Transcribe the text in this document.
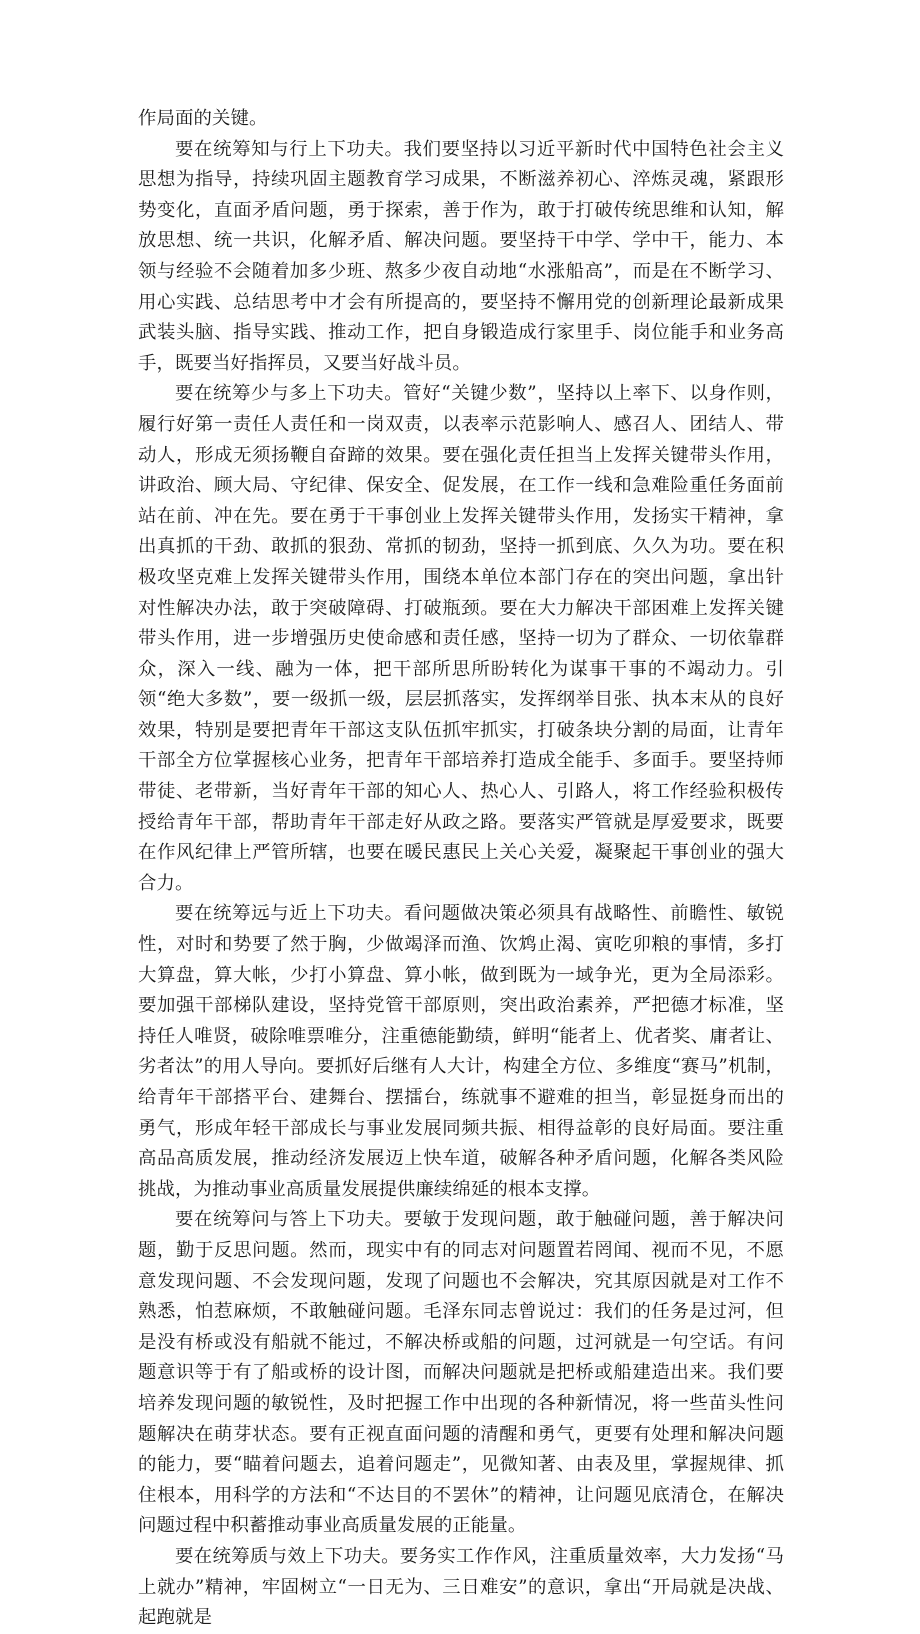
作局面的关键。

要在统筹知与行上下功夫。我们要坚持以习近平新时代中国特色社会主义思想为指导，持续巩固主题教育学习成果，不断滋养初心、淬炼灵魂，紧跟形势变化，直面矛盾问题，勇于探索，善于作为，敢于打破传统思维和认知，解放思想、统一共识，化解矛盾、解决问题。要坚持干中学、学中干，能力、本领与经验不会随着加多少班、熬多少夜自动地“水涨船高”，而是在不断学习、用心实践、总结思考中才会有所提高的，要坚持不懈用党的创新理论最新成果武装头脑、指导实践、推动工作，把自身锻造成行家里手、岗位能手和业务高手，既要当好指挥员，又要当好战斗员。

要在统筹少与多上下功夫。管好“关键少数”，坚持以上率下、以身作则，履行好第一责任人责任和一岗双责，以表率示范影响人、感召人、团结人、带动人，形成无须扬鞭自奋蹄的效果。要在强化责任担当上发挥关键带头作用，讲政治、顾大局、守纪律、保安全、促发展，在工作一线和急难险重任务面前站在前、冲在先。要在勇于干事创业上发挥关键带头作用，发扬实干精神，拿出真抓的干劲、敢抓的狠劲、常抓的韧劲，坚持一抓到底、久久为功。要在积极攻坚克难上发挥关键带头作用，围绕本单位本部门存在的突出问题，拿出针对性解决办法，敢于突破障碍、打破瓶颈。要在大力解决干部困难上发挥关键带头作用，进一步增强历史使命感和责任感，坚持一切为了群众、一切依靠群众，深入一线、融为一体，把干部所思所盼转化为谋事干事的不竭动力。引领“绝大多数”，要一级抓一级，层层抓落实，发挥纲举目张、执本末从的良好效果，特别是要把青年干部这支队伍抓牢抓实，打破条块分割的局面，让青年干部全方位掌握核心业务，把青年干部培养打造成全能手、多面手。要坚持师带徒、老带新，当好青年干部的知心人、热心人、引路人，将工作经验积极传授给青年干部，帮助青年干部走好从政之路。要落实严管就是厚爱要求，既要在作风纪律上严管所辖，也要在暖民惠民上关心关爱，凝聚起干事创业的强大合力。

要在统筹远与近上下功夫。看问题做决策必须具有战略性、前瞻性、敏锐性，对时和势要了然于胸，少做竭泽而渔、饮鸩止渴、寅吃卯粮的事情，多打大算盘，算大帐，少打小算盘、算小帐，做到既为一域争光，更为全局添彩。要加强干部梯队建设，坚持党管干部原则，突出政治素养，严把德才标准，坚持任人唯贤，破除唯票唯分，注重德能勤绩，鲜明“能者上、优者奖、庸者让、劣者汰”的用人导向。要抓好后继有人大计，构建全方位、多维度“赛马”机制，给青年干部搭平台、建舞台、摆擂台，练就事不避难的担当，彰显挺身而出的勇气，形成年轻干部成长与事业发展同频共振、相得益彰的良好局面。要注重高品高质发展，推动经济发展迈上快车道，破解各种矛盾问题，化解各类风险挑战，为推动事业高质量发展提供廉续绵延的根本支撑。

要在统筹问与答上下功夫。要敏于发现问题，敢于触碰问题，善于解决问题，勤于反思问题。然而，现实中有的同志对问题置若罔闻、视而不见，不愿意发现问题、不会发现问题，发现了问题也不会解决，究其原因就是对工作不熟悉，怕惹麻烦，不敢触碰问题。毛泽东同志曾说过：我们的任务是过河，但是没有桥或没有船就不能过，不解决桥或船的问题，过河就是一句空话。有问题意识等于有了船或桥的设计图，而解决问题就是把桥或船建造出来。我们要培养发现问题的敏锐性，及时把握工作中出现的各种新情况，将一些苗头性问题解决在萌芽状态。要有正视直面问题的清醒和勇气，更要有处理和解决问题的能力，要“瞄着问题去，追着问题走”，见微知著、由表及里，掌握规律、抓住根本，用科学的方法和“不达目的不罢休”的精神，让问题见底清仓，在解决问题过程中积蓄推动事业高质量发展的正能量。

要在统筹质与效上下功夫。要务实工作作风，注重质量效率，大力发扬“马上就办”精神，牢固树立“一日无为、三日难安”的意识，拿出“开局就是决战、起跑就是
